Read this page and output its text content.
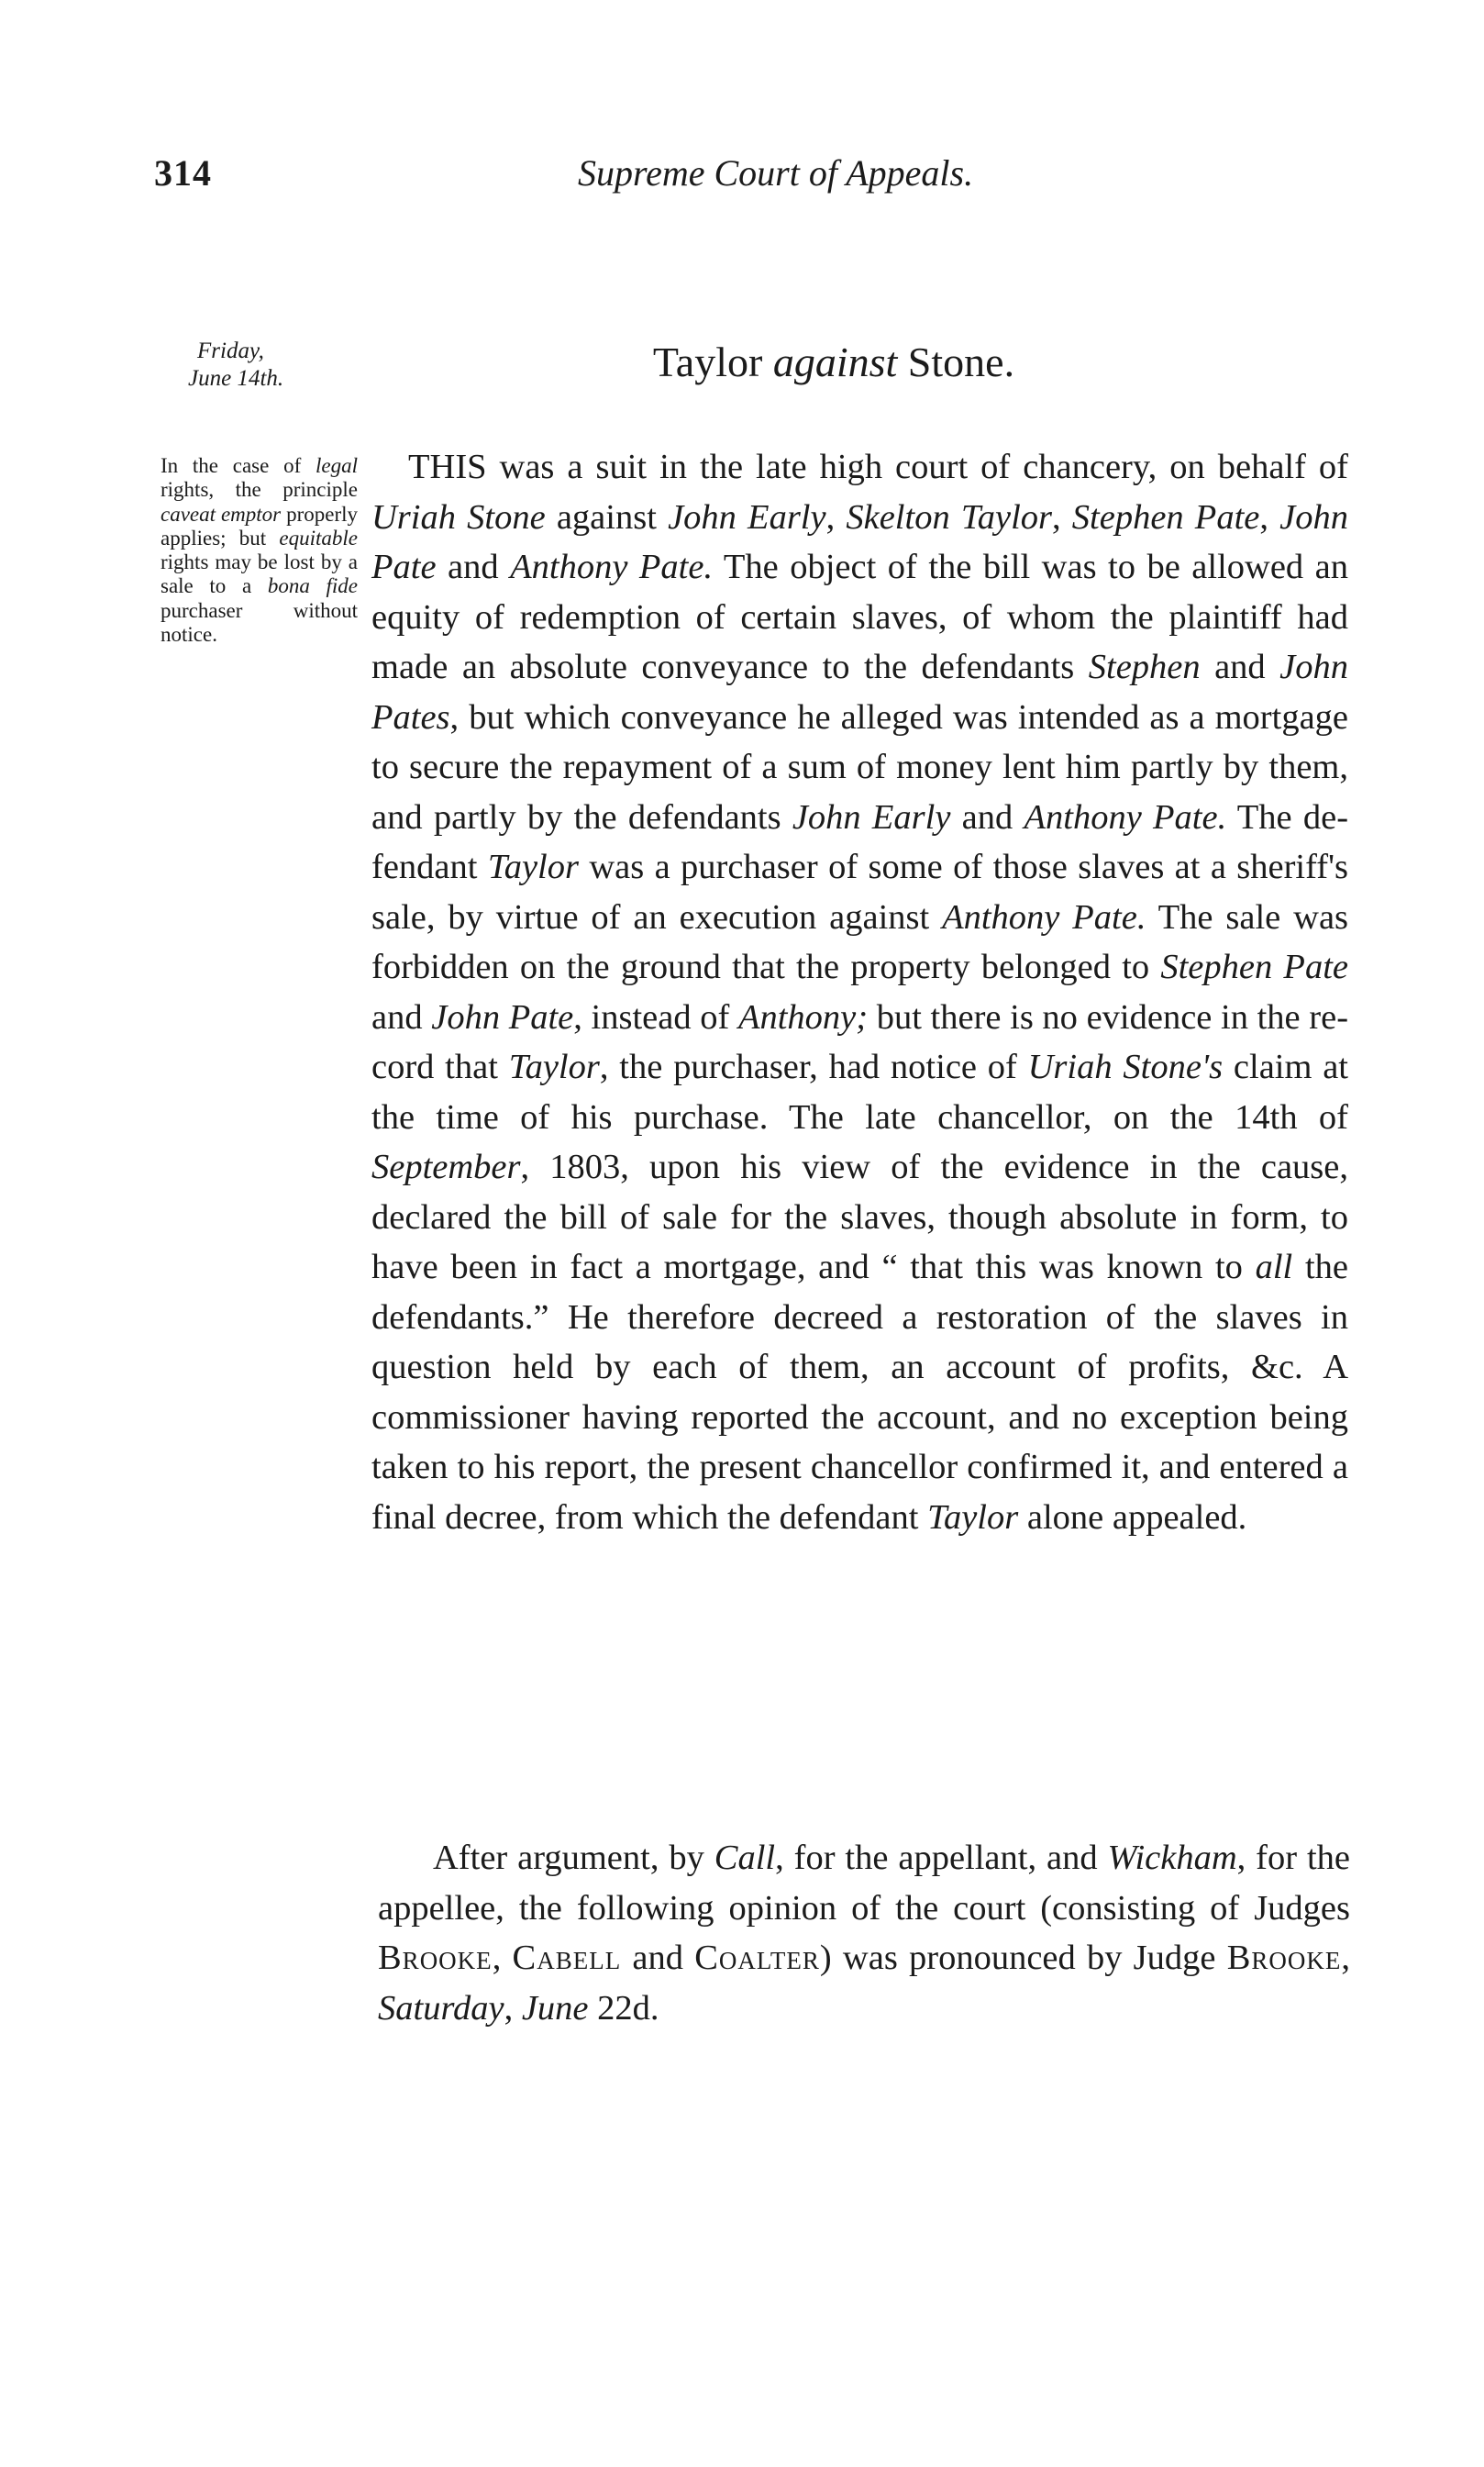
314	Supreme Court of Appeals.
Friday,
June 14th.	Taylor against Stone.
In the case of legal rights, the principle caveat emptor properly applies; but equitable rights may be lost by a sale to a bona fide purchaser without notice.
THIS was a suit in the late high court of chancery, on behalf of Uriah Stone against John Early, Skelton Taylor, Stephen Pate, John Pate and Anthony Pate. The object of the bill was to be allowed an equity of redemption of certain slaves, of whom the plaintiff had made an absolute conveyance to the defendants Stephen and John Pates, but which conveyance he alleged was intended as a mortgage to secure the repayment of a sum of money lent him partly by them, and partly by the defendants John Early and Anthony Pate. The defendant Taylor was a purchaser of some of those slaves at a sheriff's sale, by virtue of an execution against Anthony Pate. The sale was forbidden on the ground that the property belonged to Stephen Pate and John Pate, instead of Anthony; but there is no evidence in the record that Taylor, the purchaser, had notice of Uriah Stone's claim at the time of his purchase. The late chancellor, on the 14th of September, 1803, upon his view of the evidence in the cause, declared the bill of sale for the slaves, though absolute in form, to have been in fact a mortgage, and “ that this was known to all the defendants.” He therefore decreed a restoration of the slaves in question held by each of them, an account of profits, &c. A commissioner having reported the account, and no exception being taken to his report, the present chancellor confirmed it, and entered a final decree, from which the defendant Taylor alone appealed.
After argument, by Call, for the appellant, and Wickham, for the appellee, the following opinion of the court (consisting of Judges Brooke, Cabell and Coalter) was pronounced by Judge Brooke, Saturday, June 22d.
